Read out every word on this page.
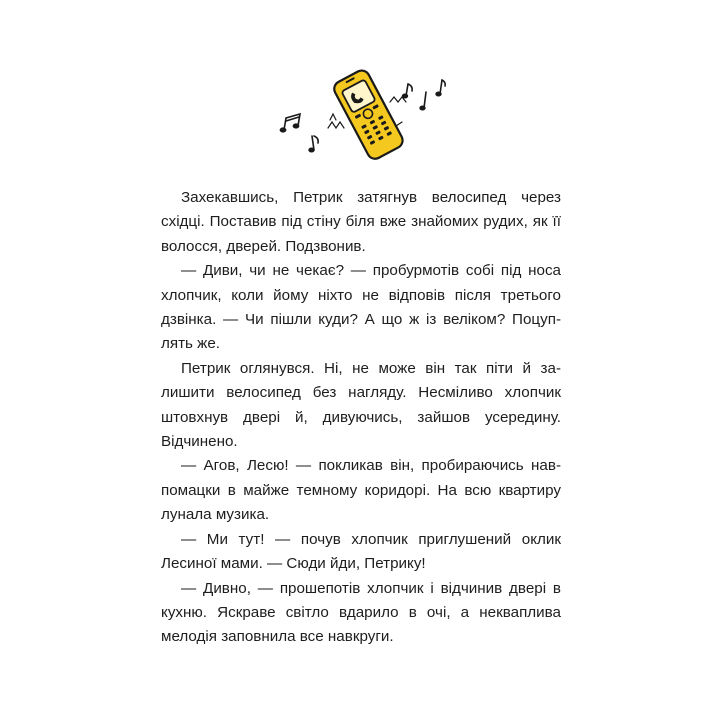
Захекавшись, Петрик затягнув велосипед через східці. Поставив під стіну біля вже знайомих рудих, як її волосся, дверей. Подзвонив.

— Диви, чи не чекає? — пробурмотів собі під носа хлопчик, коли йому ніхто не відповів після третього дзвінка. — Чи пішли куди? А що ж із веліком? Поцуплять же.

Петрик оглянувся. Ні, не може він так піти й залишити велосипед без нагляду. Несміливо хлопчик штовхнув двері й, дивуючись, зайшов усередину. Відчинено.

— Агов, Лесю! — покликав він, пробираючись навпомацки в майже темному коридорі. На всю квартиру лунала музика.

— Ми тут! — почув хлопчик приглушений оклик Лесиної мами. — Сюди йди, Петрику!

— Дивно, — прошепотів хлопчик і відчинив двері в кухню. Яскраве світло вдарило в очі, а некваплива мелодія заповнила все навкруги.
